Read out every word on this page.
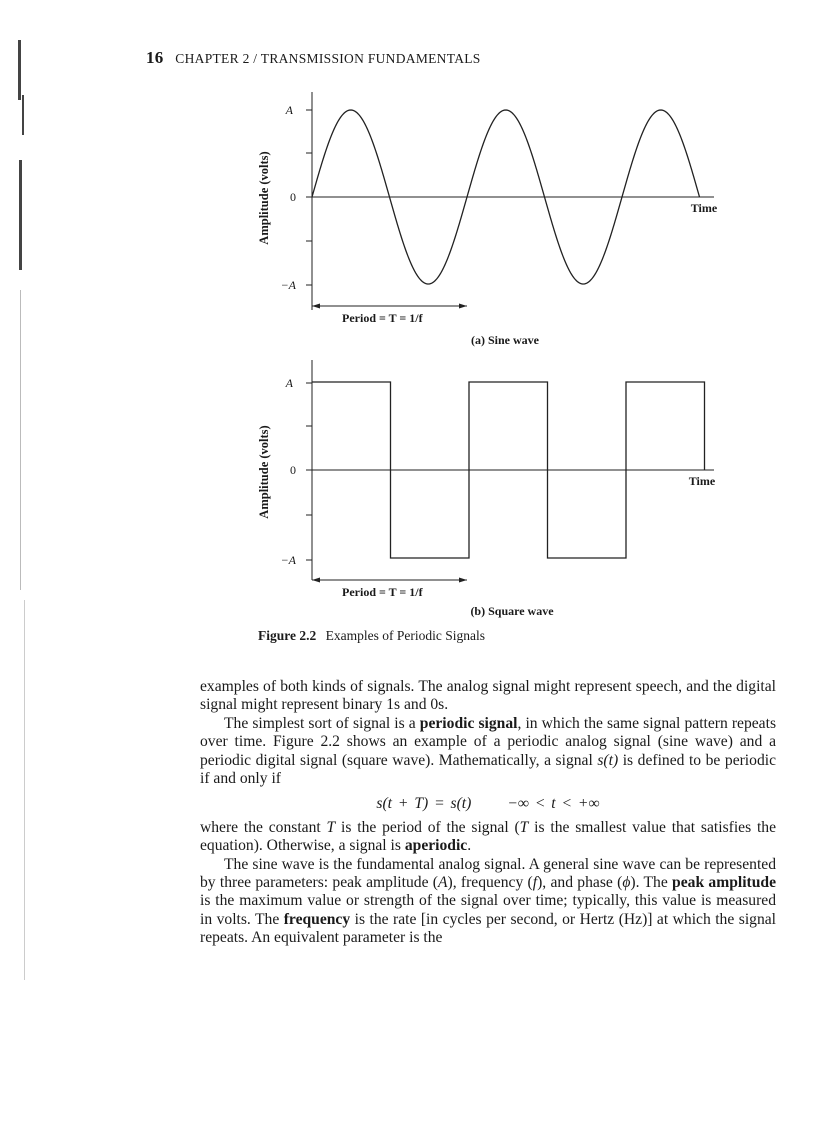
16 CHAPTER 2 / TRANSMISSION FUNDAMENTALS
A
0
−A
Amplitude (volts)	Time
Period = T = 1/f
(a) Sine wave
A
0
−A
Amplitude (volts)	Time
Period = T = 1/f
(b) Square wave
Figure 2.2 Examples of Periodic Signals

examples of both kinds of signals. The analog signal might represent speech, and the digital signal might represent binary 1s and 0s.

The simplest sort of signal is a periodic signal, in which the same signal pattern repeats over time. Figure 2.2 shows an example of a periodic analog signal (sine wave) and a periodic digital signal (square wave). Mathematically, a signal s(t) is defined to be periodic if and only if

s(t + T) = s(t) −∞ < t < +∞

where the constant T is the period of the signal (T is the smallest value that satisfies the equation). Otherwise, a signal is aperiodic.

The sine wave is the fundamental analog signal. A general sine wave can be represented by three parameters: peak amplitude (A), frequency (f), and phase (ϕ). The peak amplitude is the maximum value or strength of the signal over time; typically, this value is measured in volts. The frequency is the rate [in cycles per second, or Hertz (Hz)] at which the signal repeats. An equivalent parameter is the
